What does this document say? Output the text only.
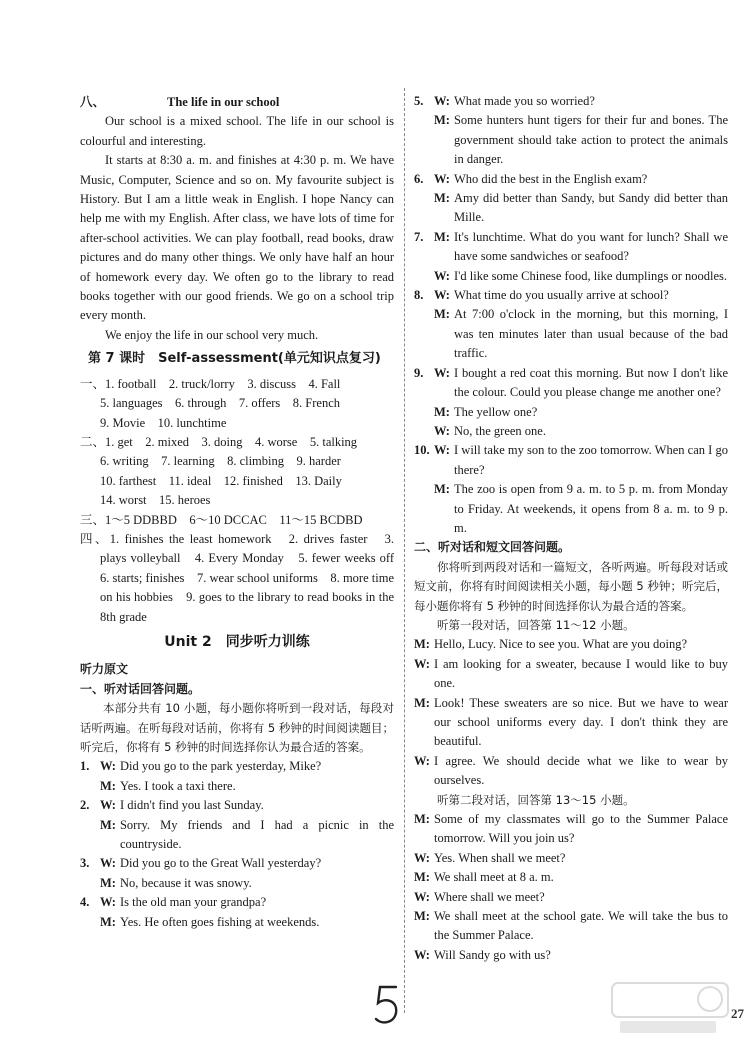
八、	The life in our school

Our school is a mixed school. The life in our school is colourful and interesting.

It starts at 8:30 a. m. and finishes at 4:30 p. m. We have Music, Computer, Science and so on. My favourite subject is History. But I am a little weak in English. I hope Nancy can help me with my English. After class, we have lots of time for after-school activities. We can play football, read books, draw pictures and do many other things. We only have half an hour of homework every day. We often go to the library to read books together with our good friends. We go on a school trip every month.

We enjoy the life in our school very much.

第 7 课时　Self-assessment(单元知识点复习)

一、1. football　2. truck/lorry　3. discuss　4. Fall

5. languages　6. through　7. offers　8. French

9. Movie　10. lunchtime

二、1. get　2. mixed　3. doing　4. worse　5. talking

6. writing　7. learning　8. climbing　9. harder

10. farthest　11. ideal　12. finished　13. Daily

14. worst　15. heroes

三、1～5 DDBBD　6～10 DCCAC　11～15 BCDBD

四、1. finishes the least homework　2. drives faster　3. plays volleyball　4. Every Monday　5. fewer weeks off　6. starts; finishes　7. wear school uniforms　8. more time on his hobbies　9. goes to the library to read books in the 8th grade

Unit 2　同步听力训练

听力原文

一、听对话回答问题。

本部分共有 10 小题，每小题你将听到一段对话，每段对话听两遍。在听每段对话前，你将有 5 秒钟的时间阅读题目；听完后，你将有 5 秒钟的时间选择你认为最合适的答案。

1. W: Did you go to the park yesterday, Mike?

M: Yes. I took a taxi there.

2. W: I didn't find you last Sunday.

M: Sorry. My friends and I had a picnic in the countryside.

3. W: Did you go to the Great Wall yesterday?

M: No, because it was snowy.

4. W: Is the old man your grandpa?

M: Yes. He often goes fishing at weekends.

5. W: What made you so worried?

M: Some hunters hunt tigers for their fur and bones. The government should take action to protect the animals in danger.

6. W: Who did the best in the English exam?

M: Amy did better than Sandy, but Sandy did better than Mille.

7. M: It's lunchtime. What do you want for lunch? Shall we have some sandwiches or seafood?

W: I'd like some Chinese food, like dumplings or noodles.

8. W: What time do you usually arrive at school?

M: At 7:00 o'clock in the morning, but this morning, I was ten minutes later than usual because of the bad traffic.

9. W: I bought a red coat this morning. But now I don't like the colour. Could you please change me another one?

M: The yellow one?

W: No, the green one.

10. W: I will take my son to the zoo tomorrow. When can I go there?

M: The zoo is open from 9 a. m. to 5 p. m. from Monday to Friday. At weekends, it opens from 8 a. m. to 9 p. m.

二、听对话和短文回答问题。

你将听到两段对话和一篇短文，各听两遍。听每段对话或短文前，你将有时间阅读相关小题，每小题 5 秒钟；听完后，每小题你将有 5 秒钟的时间选择你认为最合适的答案。

听第一段对话，回答第 11～12 小题。

M: Hello, Lucy. Nice to see you. What are you doing?

W: I am looking for a sweater, because I would like to buy one.

M: Look! These sweaters are so nice. But we have to wear our school uniforms every day. I don't think they are beautiful.

W: I agree. We should decide what we like to wear by ourselves.

听第二段对话，回答第 13～15 小题。

M: Some of my classmates will go to the Summer Palace tomorrow. Will you join us?

W: Yes. When shall we meet?

M: We shall meet at 8 a. m.

W: Where shall we meet?

M: We shall meet at the school gate. We will take the bus to the Summer Palace.

W: Will Sandy go with us?

27
